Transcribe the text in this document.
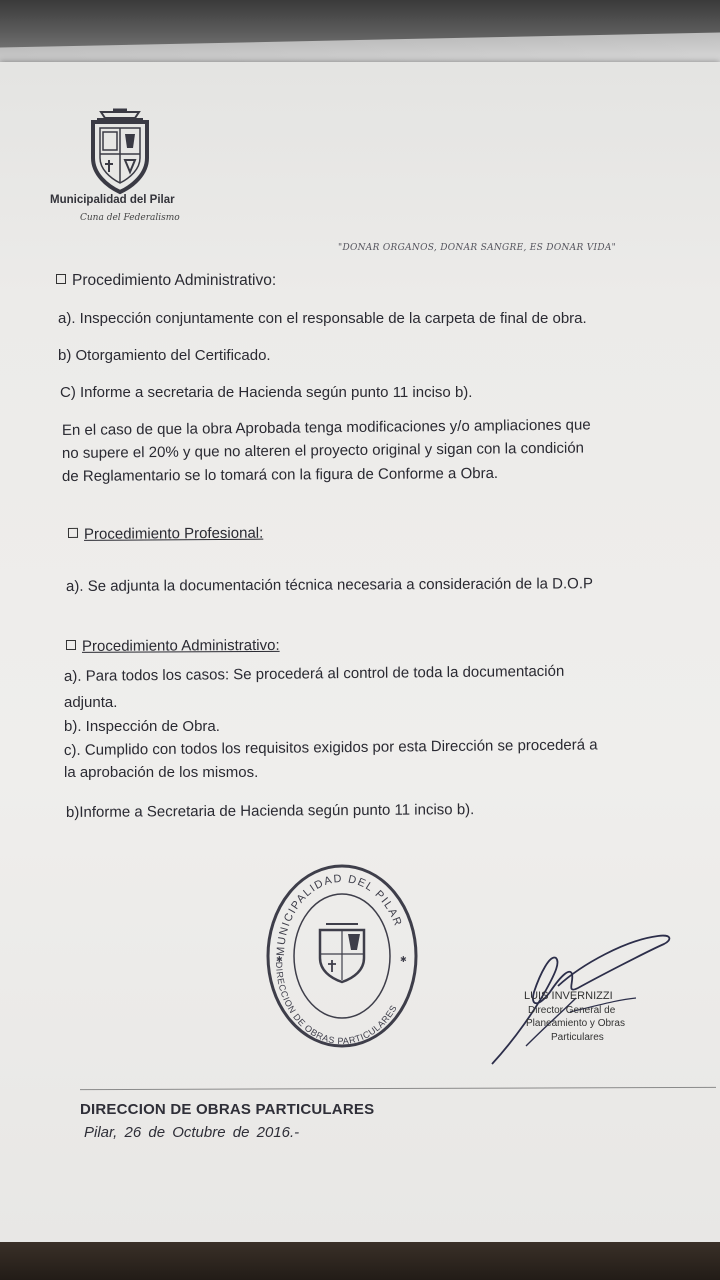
Municipalidad del Pilar
Cuna del Federalismo
"DONAR ORGANOS, DONAR SANGRE, ES DONAR VIDA"
Procedimiento Administrativo:
a). Inspección conjuntamente con el responsable de la carpeta de final de obra.
b) Otorgamiento del Certificado.
C) Informe a secretaria de Hacienda según punto 11 inciso b).
En el caso de que la obra Aprobada tenga modificaciones y/o ampliaciones que
no supere el 20% y que no alteren el proyecto original y sigan con la condición
de Reglamentario se lo tomará con la figura de Conforme a Obra.
Procedimiento Profesional:
a). Se adjunta la documentación técnica necesaria a consideración de la D.O.P
Procedimiento Administrativo:
a). Para todos los casos: Se procederá al control de toda la documentación
adjunta.
b). Inspección de Obra.
c). Cumplido con todos los requisitos exigidos por esta Dirección se procederá a
la aprobación de los mismos.
b)Informe a Secretaria de Hacienda según punto 11 inciso b).
MUNICIPALIDAD DEL PILAR
DIRECCION DE OBRAS PARTICULARES
✱	✱
LUIS INVERNIZZI
Director General de
Planeamiento y Obras
Particulares
DIRECCION DE OBRAS PARTICULARES
Pilar, 26 de Octubre de 2016.-
